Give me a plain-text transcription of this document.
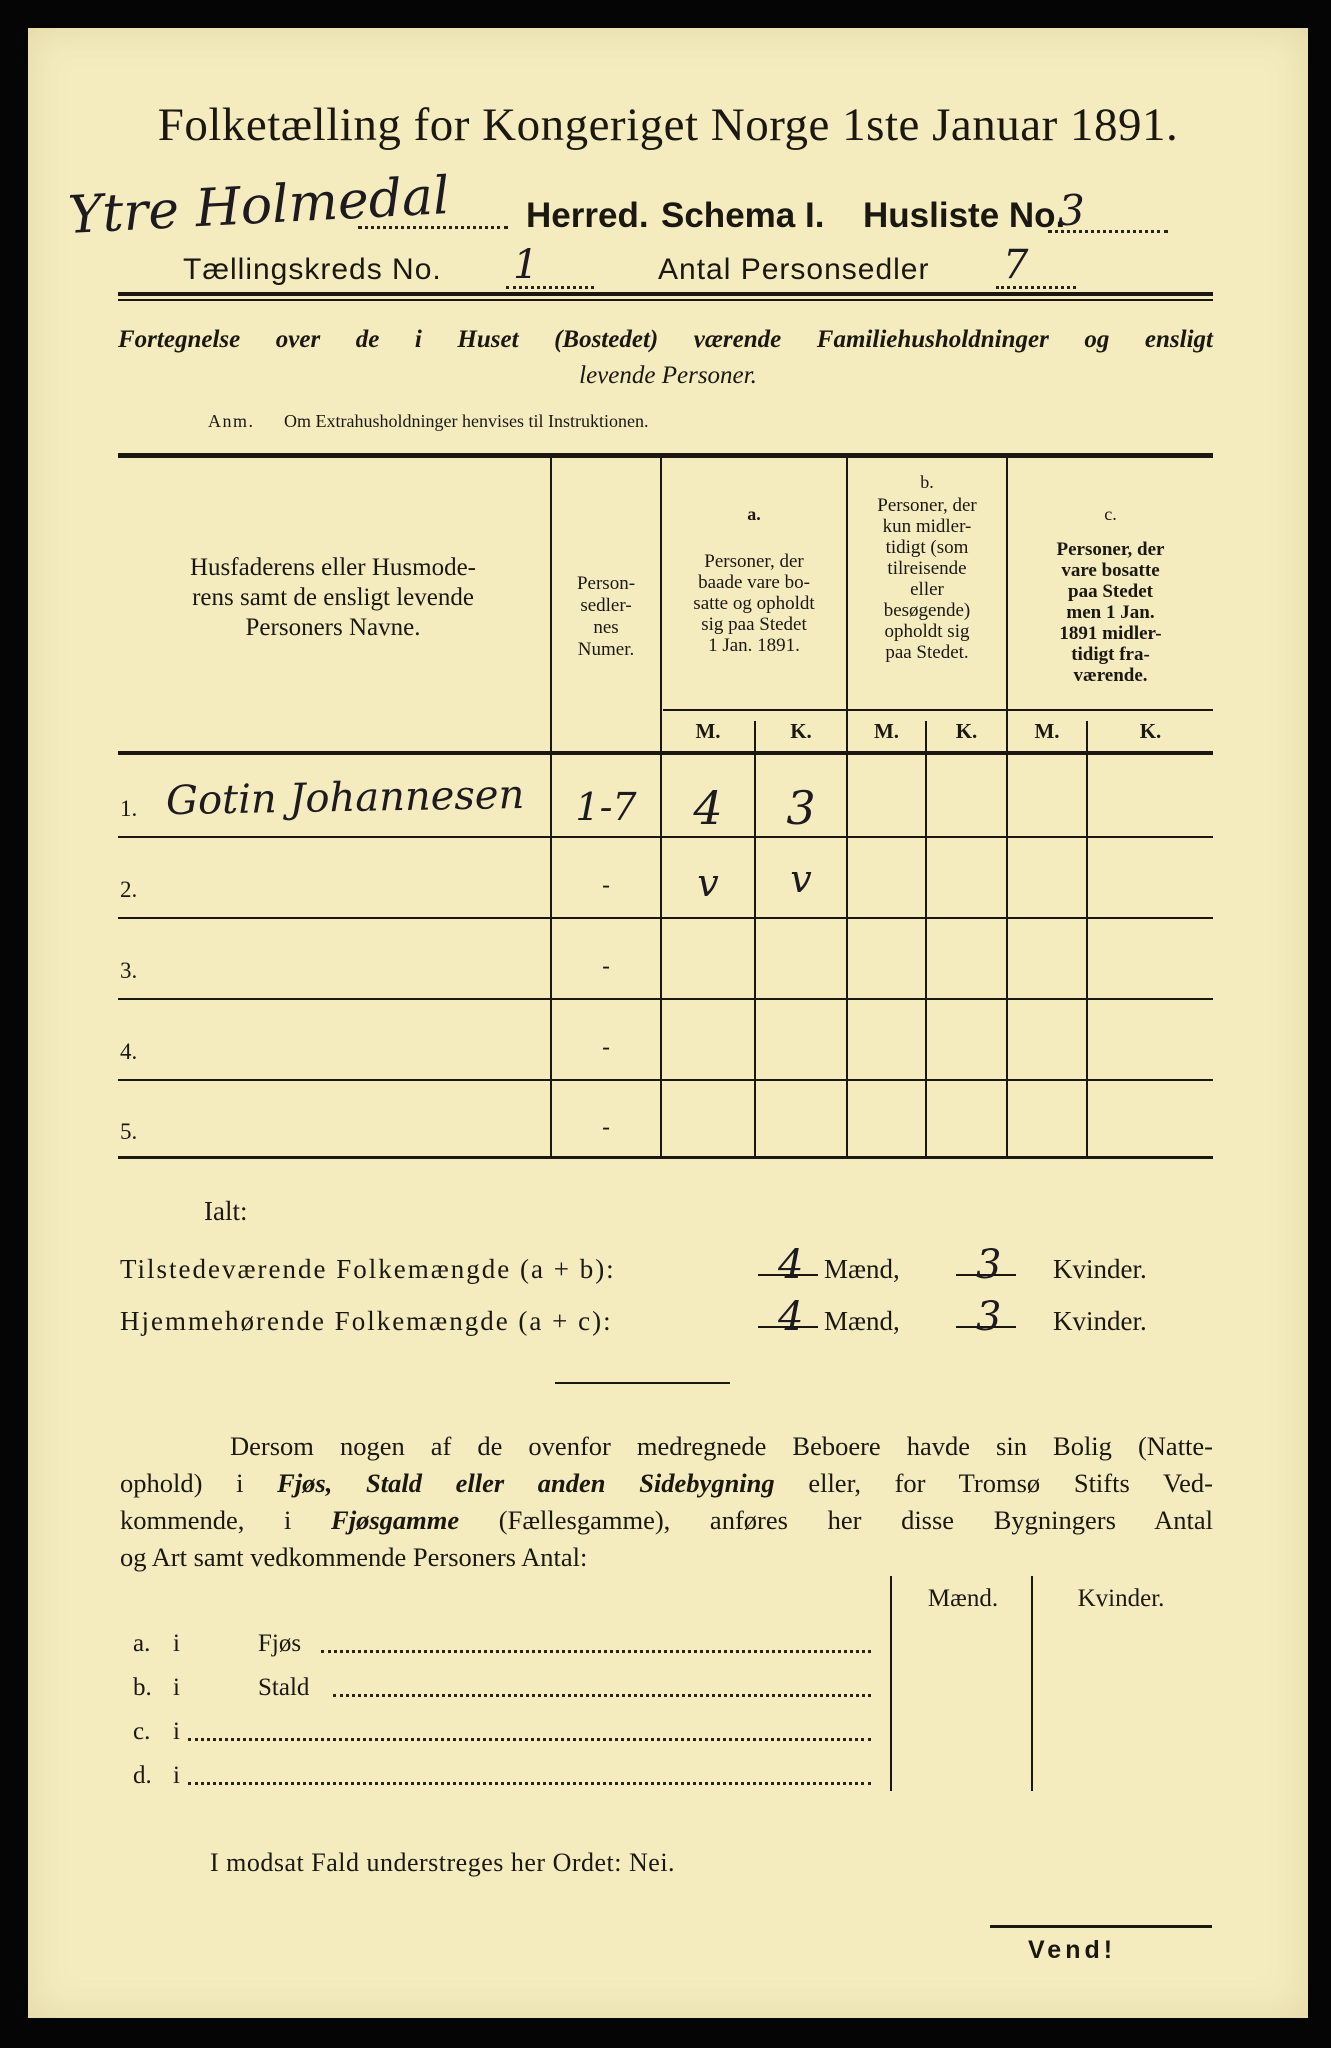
Folketælling for Kongeriget Norge 1ste Januar 1891.
Ytre Holmedal Herred. Schema I. Husliste No.
3
Tællingskreds No. 1	Antal Personsedler 7
Fortegnelse over de i Huset (Bostedet) værende Familiehusholdninger og ensligt
levende Personer.
Anm. Om Extrahusholdninger henvises til Instruktionen.
Husfaderens eller Husmode-
rens samt de ensligt levende
Personers Navne.
Person-
sedler-
nes
Numer.
a.
Personer, der
baade vare bo-
satte og opholdt
sig paa Stedet
1 Jan. 1891.
b.
Personer, der
kun midler-
tidigt (som
tilreisende
eller
besøgende)
opholdt sig
paa Stedet.
c.
Personer, der
vare bosatte
paa Stedet
men 1 Jan.
1891 midler-
tidigt fra-
værende.
M.	K.	M.	K.	M.	K.
1. Gotin Johannesen	1-7	4	3
2.	-	v	v
3.	-
4.	-
5.	-
Ialt:
Tilstedeværende Folkemængde (a + b):	4 Mænd, 3 Kvinder.
Hjemmehørende Folkemængde (a + c):	4 Mænd, 3 Kvinder.
Dersom nogen af de ovenfor medregnede Beboere havde sin Bolig (Natte-
ophold) i Fjøs, Stald eller anden Sidebygning eller, for Tromsø Stifts Ved-
kommende, i Fjøsgamme (Fællesgamme), anføres her disse Bygningers Antal
og Art samt vedkommende Personers Antal:
Mænd.	Kvinder.
a. i	Fjøs
b. i	Stald
c. i
d. i
I modsat Fald understreges her Ordet: Nei.
Vend!
